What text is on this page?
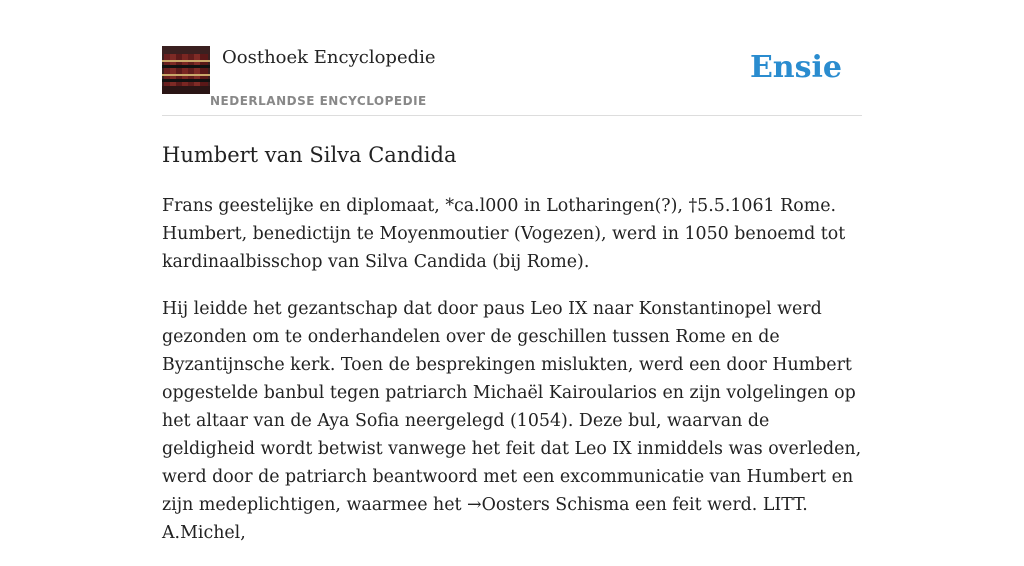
Oosthoek Encyclopedie
NEDERLANDSE ENCYCLOPEDIE
Ensie
Humbert van Silva Candida

Frans geestelijke en diplomaat, *ca.l000 in Lotharingen(?), †5.5.1061 Rome. Humbert, benedictijn te Moyenmoutier (Vogezen), werd in 1050 benoemd tot kardinaalbisschop van Silva Candida (bij Rome).

Hij leidde het gezantschap dat door paus Leo IX naar Konstantinopel werd gezonden om te onderhandelen over de geschillen tussen Rome en de Byzantijnsche kerk. Toen de besprekingen mislukten, werd een door Humbert opgestelde banbul tegen patriarch Michaël Kairoularios en zijn volgelingen op het altaar van de Aya Sofia neergelegd (1054). Deze bul, waarvan de geldigheid wordt betwist vanwege het feit dat Leo IX inmiddels was overleden, werd door de patriarch beantwoord met een excommunicatie van Humbert en zijn medeplichtigen, waarmee het →Oosters Schisma een feit werd. LITT. A.Michel,
